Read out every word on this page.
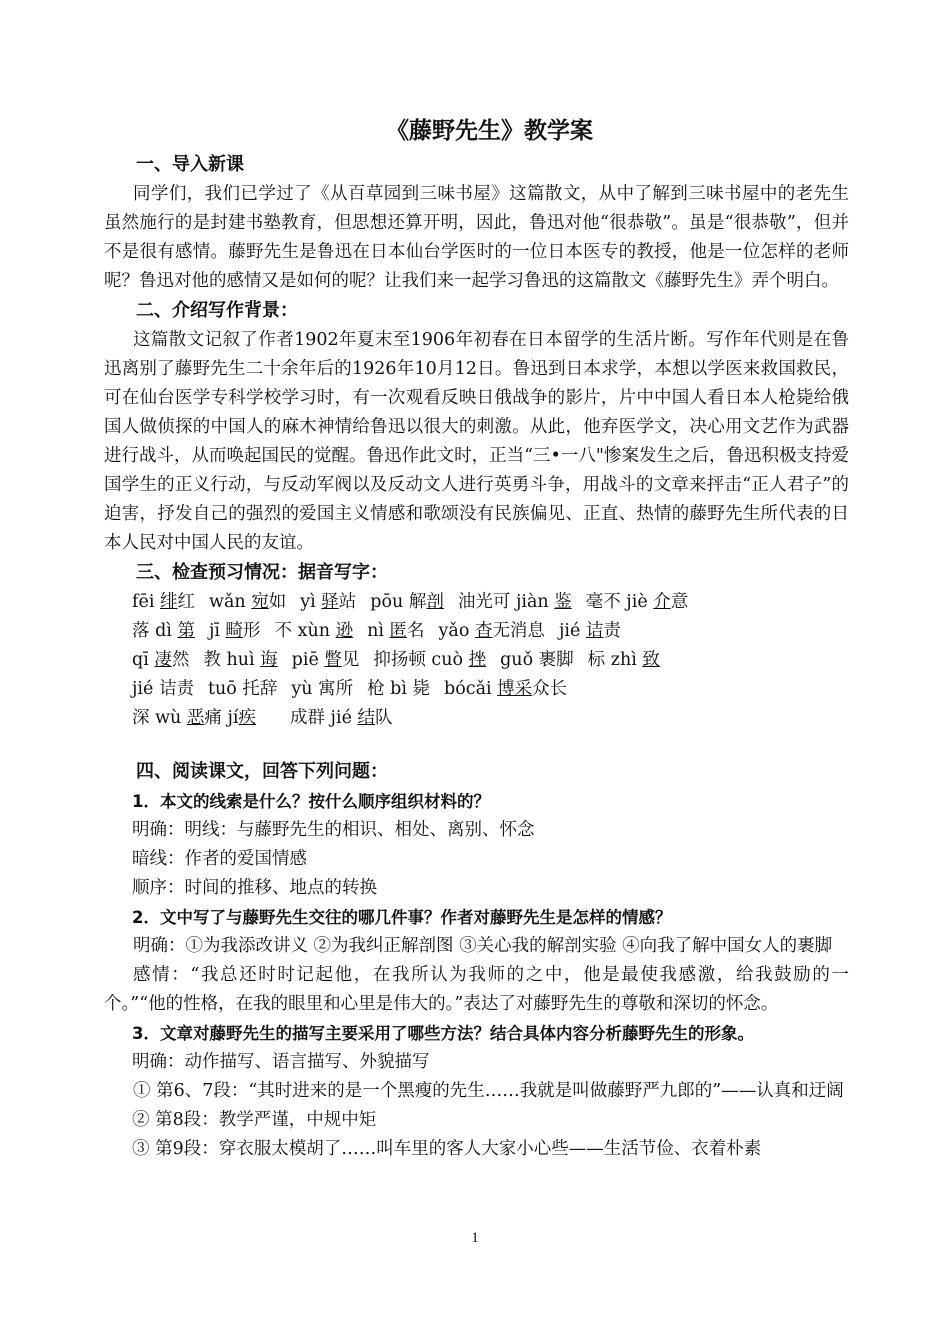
《藤野先生》教学案
一、导入新课

同学们，我们已学过了《从百草园到三味书屋》这篇散文，从中了解到三味书屋中的老先生虽然施行的是封建书塾教育，但思想还算开明，因此，鲁迅对他“很恭敬”。虽是“很恭敬”，但并不是很有感情。藤野先生是鲁迅在日本仙台学医时的一位日本医专的教授，他是一位怎样的老师呢？鲁迅对他的感情又是如何的呢？让我们来一起学习鲁迅的这篇散文《藤野先生》弄个明白。

二、介绍写作背景：

这篇散文记叙了作者1902年夏末至1906年初春在日本留学的生活片断。写作年代则是在鲁迅离别了藤野先生二十余年后的1926年10月12日。鲁迅到日本求学，本想以学医来救国救民，可在仙台医学专科学校学习时，有一次观看反映日俄战争的影片，片中中国人看日本人枪毙给俄国人做侦探的中国人的麻木神情给鲁迅以很大的刺激。从此，他弃医学文，决心用文艺作为武器进行战斗，从而唤起国民的觉醒。鲁迅作此文时，正当“三•一八"惨案发生之后，鲁迅积极支持爱国学生的正义行动，与反动军阀以及反动文人进行英勇斗争，用战斗的文章来抨击“正人君子”的迫害，抒发自己的强烈的爱国主义情感和歌颂没有民族偏见、正直、热情的藤野先生所代表的日本人民对中国人民的友谊。

三、检查预习情况：据音写字：
fēi 绯红 wǎn 宛如 yì 驿站 pōu 解剖 油光可 jiàn 鉴 毫不 jiè 介意
落 dì 第 jī 畸形 不 xùn 逊 nì 匿名 yǎo 杳无消息 jié 诘责
qī 凄然 教 huì 诲 piē 瞥见 抑扬顿 cuò 挫 guǒ 裹脚 标 zhì 致
jié 诘责 tuō 托辞 yù 寓所 枪 bì 毙 bócǎi 博采众长
深 wù 恶痛 jí疾 成群 jié 结队
四、阅读课文，回答下列问题：
1．本文的线索是什么？按什么顺序组织材料的？

明确：明线：与藤野先生的相识、相处、离别、怀念

暗线：作者的爱国情感

顺序：时间的推移、地点的转换

2．文中写了与藤野先生交往的哪几件事？作者对藤野先生是怎样的情感？

明确：①为我添改讲义 ②为我纠正解剖图 ③关心我的解剖实验 ④向我了解中国女人的裹脚

感情：“我总还时时记起他，在我所认为我师的之中，他是最使我感激，给我鼓励的一个。”“他的性格，在我的眼里和心里是伟大的。”表达了对藤野先生的尊敬和深切的怀念。

3．文章对藤野先生的描写主要采用了哪些方法？结合具体内容分析藤野先生的形象。

明确：动作描写、语言描写、外貌描写

① 第6、7段：“其时进来的是一个黑瘦的先生……我就是叫做藤野严九郎的”——认真和迂阔

② 第8段：教学严谨，中规中矩

③ 第9段：穿衣服太模胡了……叫车里的客人大家小心些——生活节俭、衣着朴素

1
